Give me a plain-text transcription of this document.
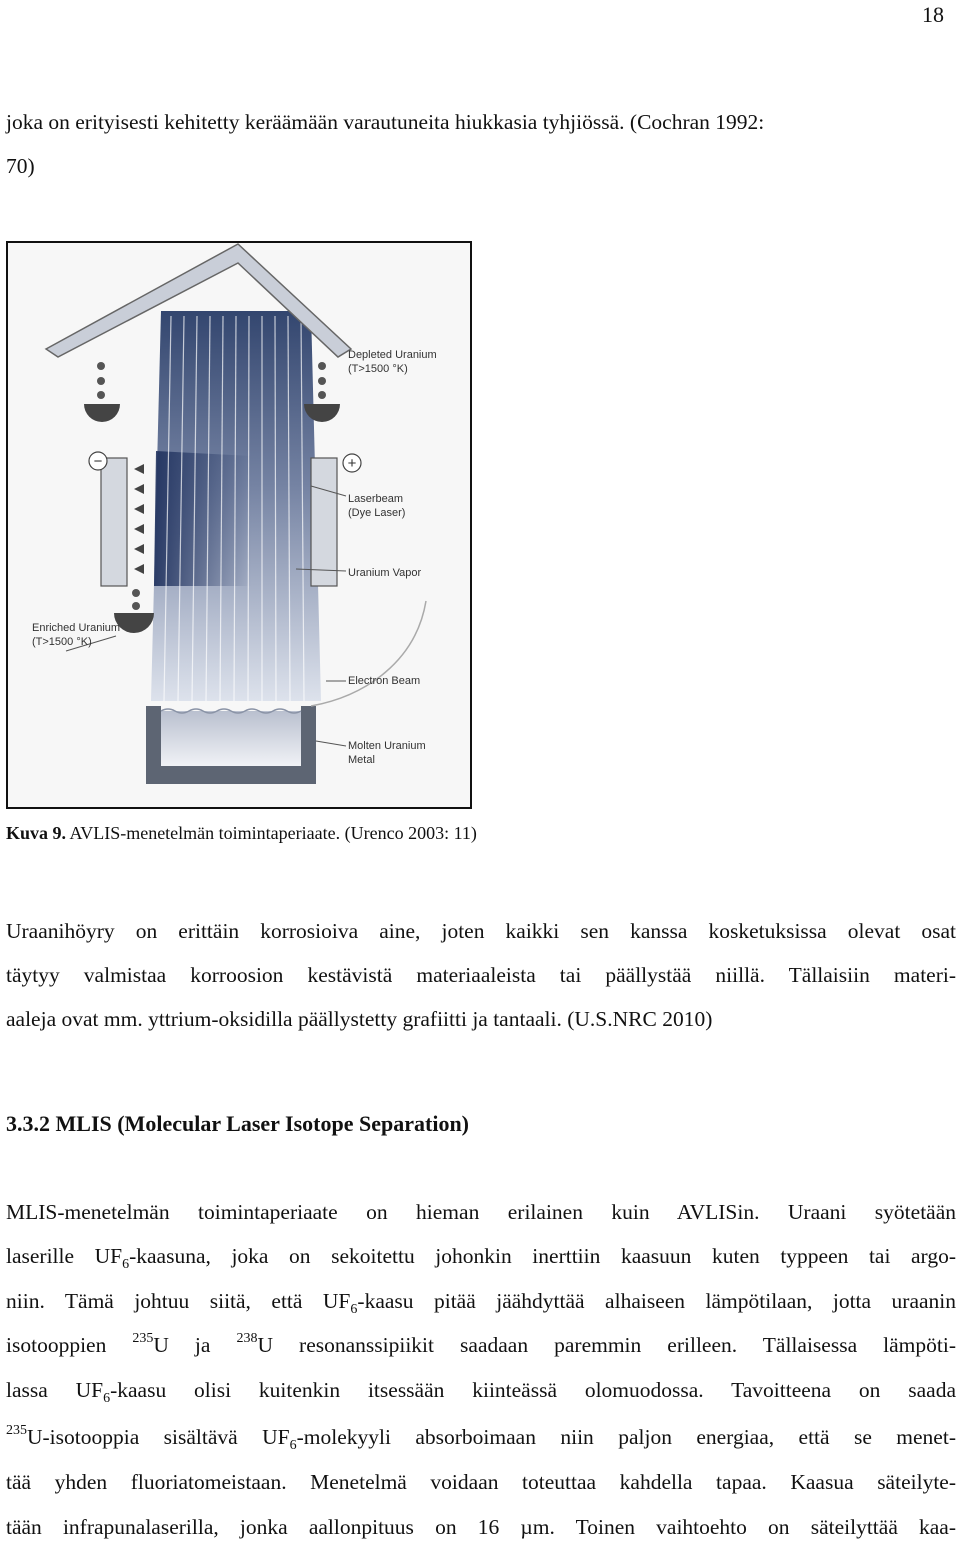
18
joka on erityisesti kehitetty keräämään varautuneita hiukkasia tyhjiössä. (Cochran 1992:
70)
−	+
Depleted Uranium
(T>1500 °K)
Laserbeam
(Dye Laser)
Uranium Vapor
Enriched Uranium
(T>1500 °K)
Electron Beam
Molten Uranium
Metal
Kuva 9. AVLIS-menetelmän toimintaperiaate. (Urenco 2003: 11)
Uraanihöyry on erittäin korrosioiva aine, joten kaikki sen kanssa kosketuksissa olevat osat
täytyy valmistaa korroosion kestävistä materiaaleista tai päällystää niillä. Tällaisiin materi-
aaleja ovat mm. yttrium-oksidilla päällystetty grafiitti ja tantaali. (U.S.NRC 2010)
3.3.2 MLIS (Molecular Laser Isotope Separation)
MLIS-menetelmän toimintaperiaate on hieman erilainen kuin AVLISin. Uraani syötetään
laserille $UF_6$-kaasuna, joka on sekoitettu johonkin inerttiin kaasuun kuten typpeen tai argo-
niin. Tämä johtuu siitä, että $UF_6$-kaasu pitää jäähdyttää alhaiseen lämpötilaan, jotta uraanin
isotooppien $^{235}$U ja $^{238}$U resonanssipiikit saadaan paremmin erilleen. Tällaisessa lämpöti-
lassa $UF_6$-kaasu olisi kuitenkin itsessään kiinteässä olomuodossa. Tavoitteena on saada
$^{235}$U-isotooppia sisältävä $UF_6$-molekyyli absorboimaan niin paljon energiaa, että se menet-
tää yhden fluoriatomeistaan. Menetelmä voidaan toteuttaa kahdella tapaa. Kaasua säteilyte-
tään infrapunalaserilla, jonka aallonpituus on 16 µm. Toinen vaihtoehto on säteilyttää kaa-
